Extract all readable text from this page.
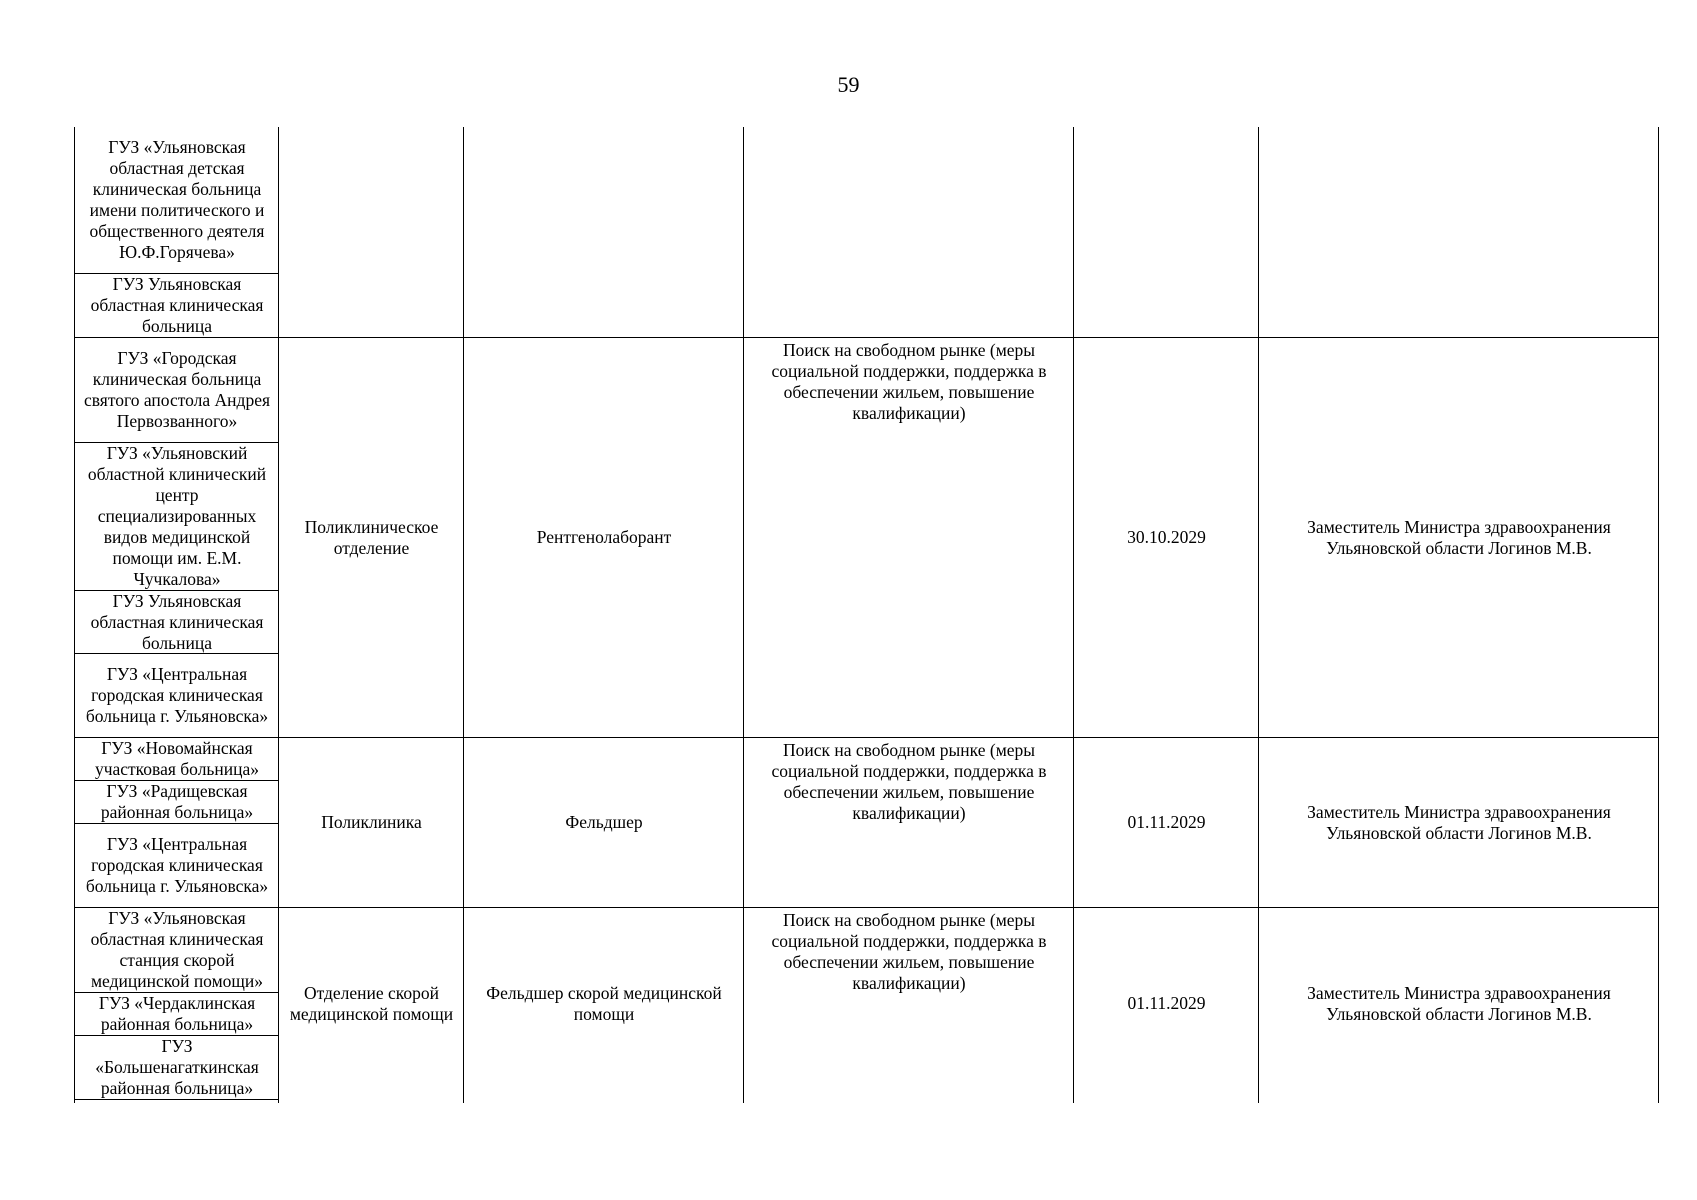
59
ГУЗ «Ульяновская областная детская клиническая больница имени политического и общественного деятеля Ю.Ф.Горячева»
ГУЗ Ульяновская областная клиническая больница
ГУЗ «Городская клиническая больница святого апостола Андрея Первозванного»
ГУЗ «Ульяновский областной клинический центр специализированных видов медицинской помощи им. Е.М. Чучкалова»
ГУЗ Ульяновская областная клиническая больница
ГУЗ «Центральная городская клиническая больница г. Ульяновска»
Поликлиническое отделение
Рентгенолаборант
Поиск на свободном рынке (меры социальной поддержки, поддержка в обеспечении жильем, повышение квалификации)
30.10.2029
Заместитель Министра здравоохранения Ульяновской области Логинов М.В.
ГУЗ «Новомайнская участковая больница»
ГУЗ «Радищевская районная больница»
ГУЗ «Центральная городская клиническая больница г. Ульяновска»
Поликлиника	Фельдшер
Поиск на свободном рынке (меры социальной поддержки, поддержка в обеспечении жильем, повышение квалификации)	01.11.2029
Заместитель Министра здравоохранения Ульяновской области Логинов М.В.
ГУЗ «Ульяновская областная клиническая станция скорой медицинской помощи»
ГУЗ «Чердаклинская районная больница»
ГУЗ «Большенагаткинская районная больница»
Отделение скорой медицинской помощи
Фельдшер скорой медицинской помощи
Поиск на свободном рынке (меры социальной поддержки, поддержка в обеспечении жильем, повышение квалификации)
01.11.2029
Заместитель Министра здравоохранения Ульяновской области Логинов М.В.
